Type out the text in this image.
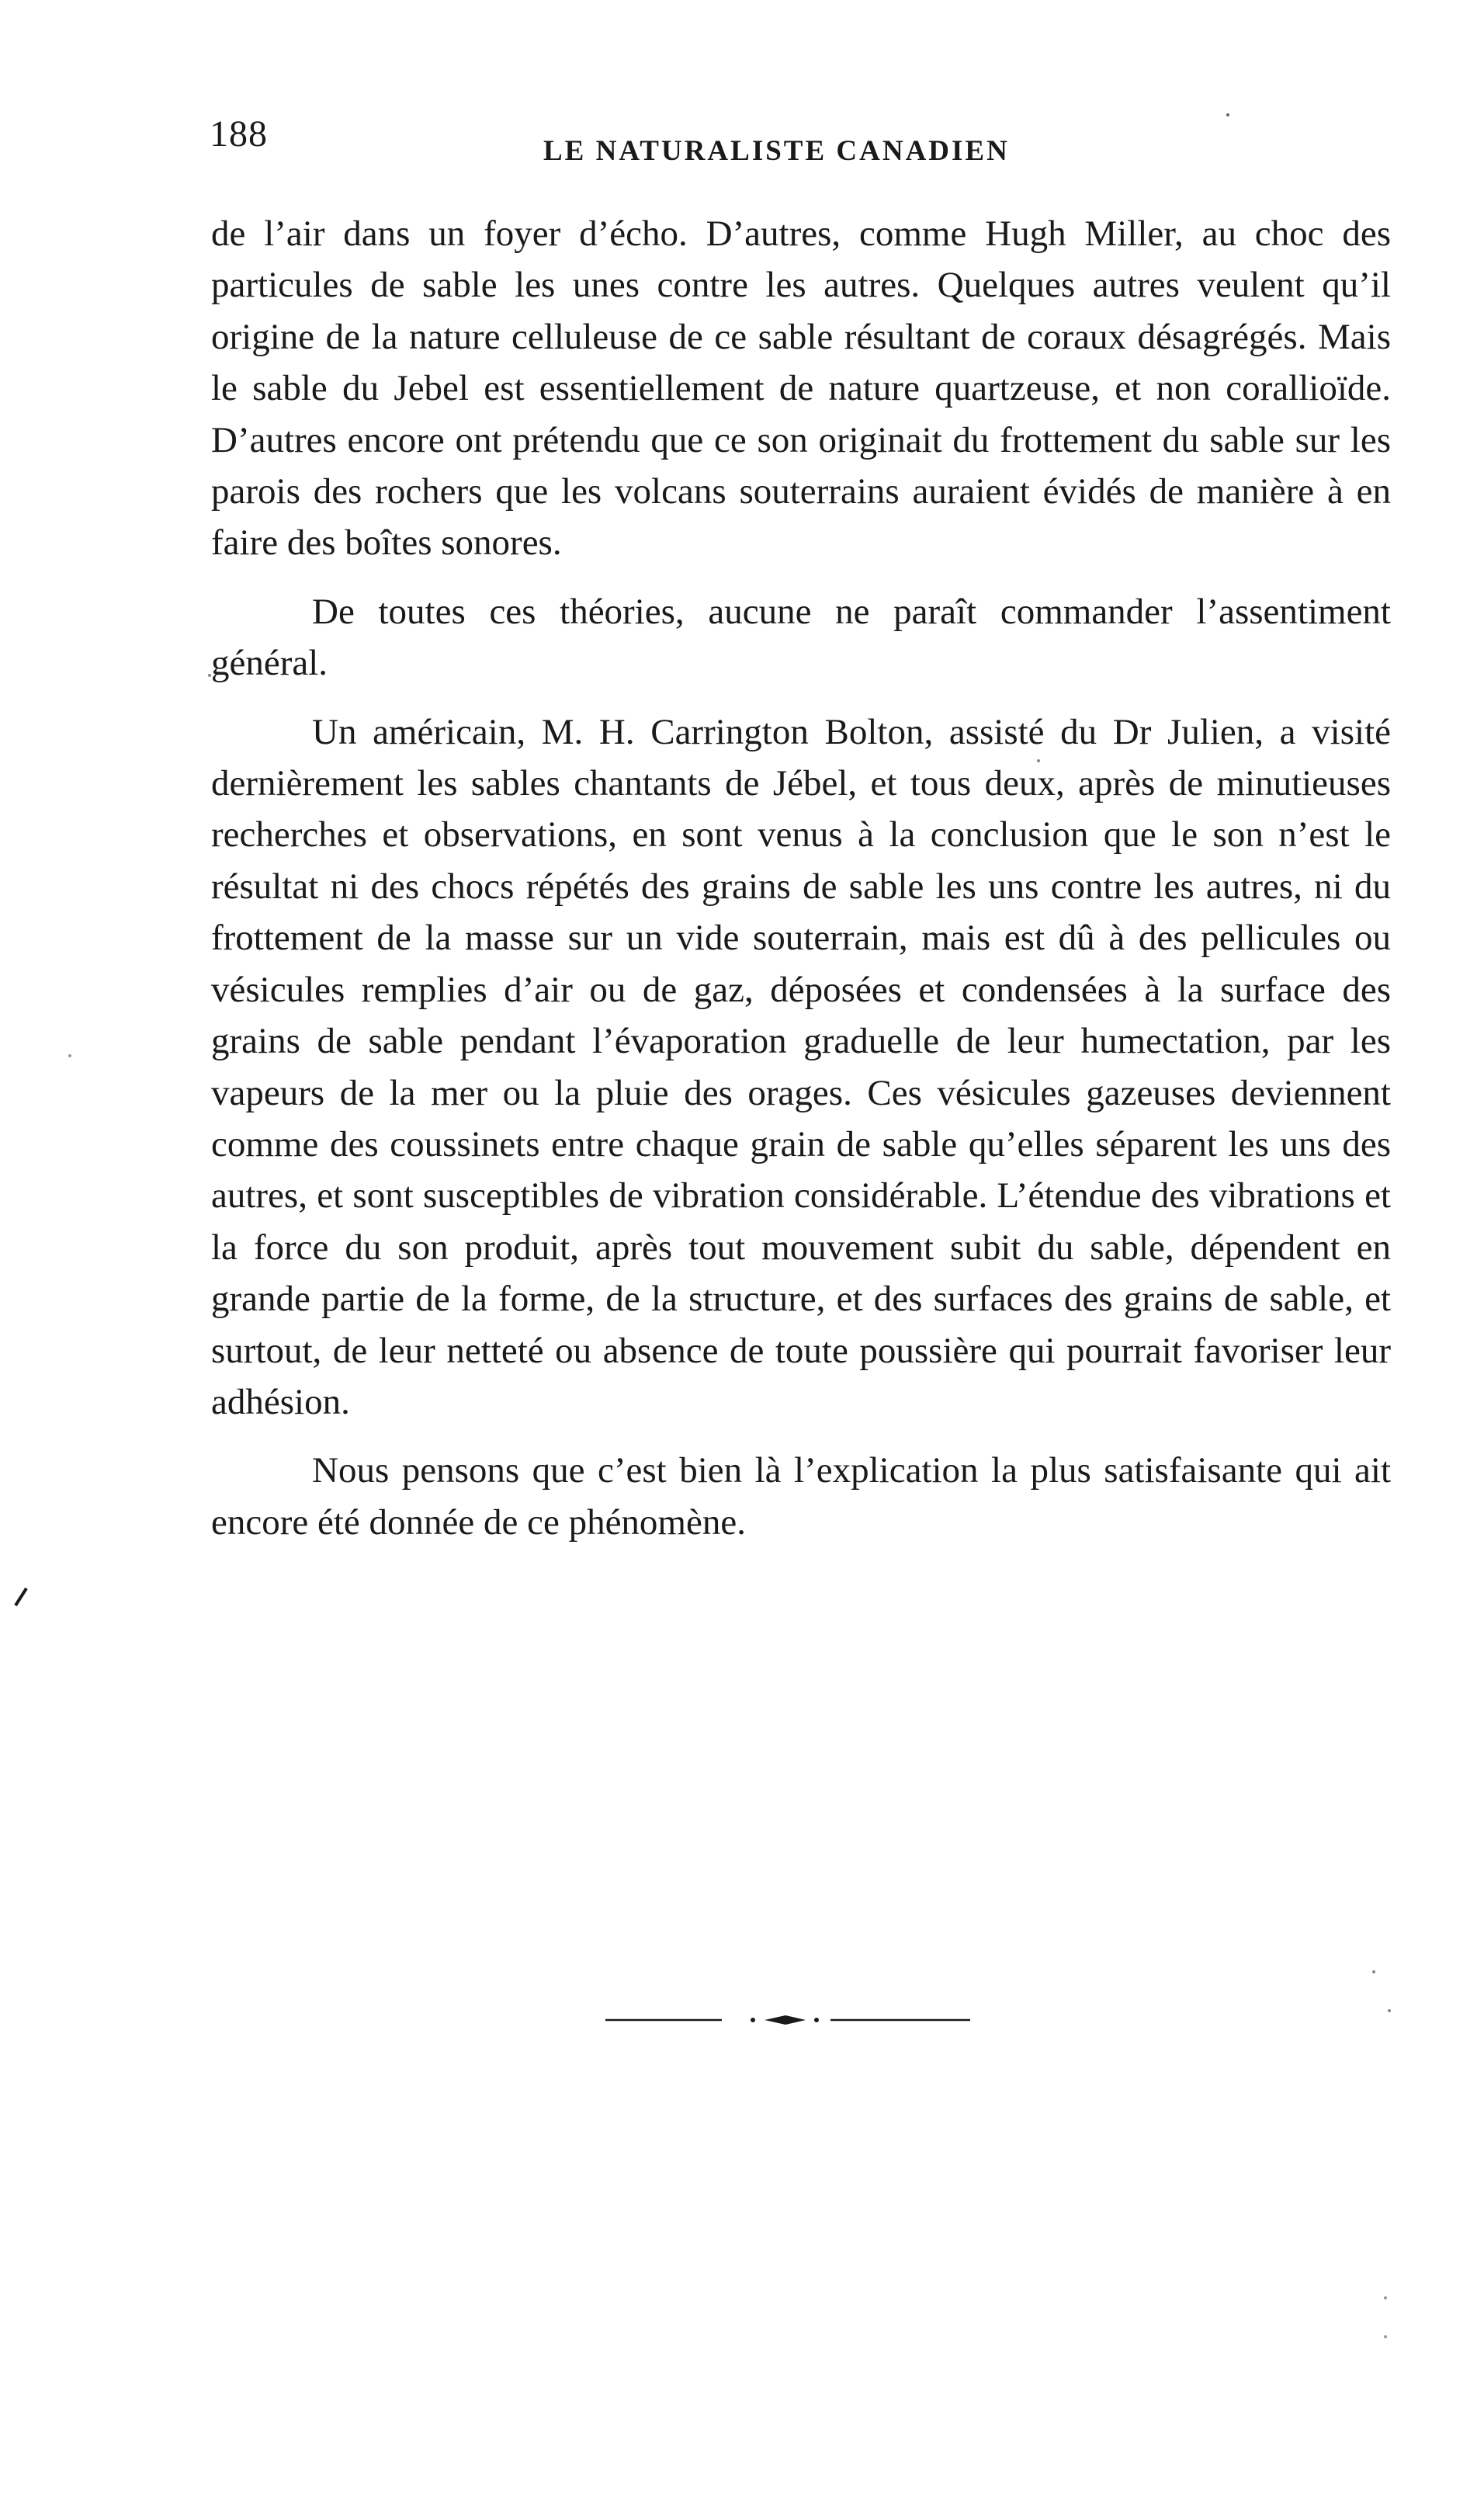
188	LE NATURALISTE CANADIEN

de l’air dans un foyer d’écho. D’autres, comme Hugh Miller, au choc des particules de sable les unes contre les autres. Quelques autres veulent qu’il origine de la nature celluleuse de ce sable résultant de coraux désagrégés. Mais le sable du Jebel est essentiellement de nature quartzeuse, et non corallioïde. D’autres encore ont prétendu que ce son originait du frottement du sable sur les parois des rochers que les volcans souterrains auraient évidés de manière à en faire des boîtes sonores.

De toutes ces théories, aucune ne paraît commander l’assentiment général.

Un américain, M. H. Carrington Bolton, assisté du Dr Julien, a visité dernièrement les sables chantants de Jébel, et tous deux, après de minutieuses recherches et observations, en sont venus à la conclusion que le son n’est le résultat ni des chocs répétés des grains de sable les uns contre les autres, ni du frottement de la masse sur un vide souterrain, mais est dû à des pellicules ou vésicules remplies d’air ou de gaz, déposées et condensées à la surface des grains de sable pendant l’évaporation graduelle de leur humectation, par les vapeurs de la mer ou la pluie des orages. Ces vésicules gazeuses deviennent comme des coussinets entre chaque grain de sable qu’elles séparent les uns des autres, et sont susceptibles de vibration considérable. L’étendue des vibrations et la force du son produit, après tout mouvement subit du sable, dépendent en grande partie de la forme, de la structure, et des surfaces des grains de sable, et surtout, de leur netteté ou absence de toute poussière qui pourrait favoriser leur adhésion.

Nous pensons que c’est bien là l’explication la plus satisfaisante qui ait encore été donnée de ce phénomène.
